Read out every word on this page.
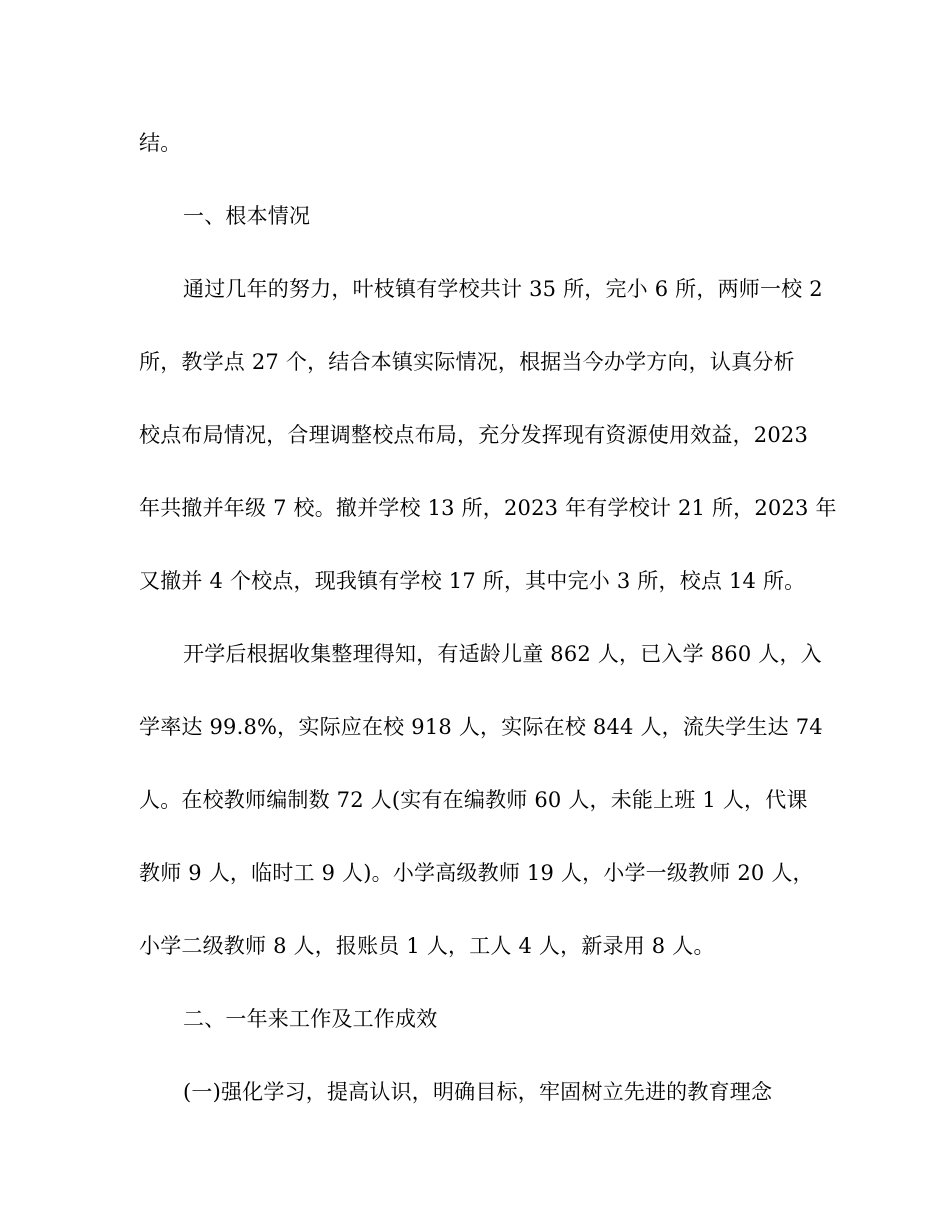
结。
一、根本情况
通过几年的努力，叶枝镇有学校共计 35 所，完小 6 所，两师一校 2
所，教学点 27 个，结合本镇实际情况，根据当今办学方向，认真分析
校点布局情况，合理调整校点布局，充分发挥现有资源使用效益，2023
年共撤并年级 7 校。撤并学校 13 所，2023 年有学校计 21 所，2023 年
又撤并 4 个校点，现我镇有学校 17 所，其中完小 3 所，校点 14 所。
开学后根据收集整理得知，有适龄儿童 862 人，已入学 860 人，入
学率达 99.8%，实际应在校 918 人，实际在校 844 人，流失学生达 74
人。在校教师编制数 72 人(实有在编教师 60 人，未能上班 1 人，代课
教师 9 人，临时工 9 人)。小学高级教师 19 人，小学一级教师 20 人，
小学二级教师 8 人，报账员 1 人，工人 4 人，新录用 8 人。
二、一年来工作及工作成效
(一)强化学习，提高认识，明确目标，牢固树立先进的教育理念
